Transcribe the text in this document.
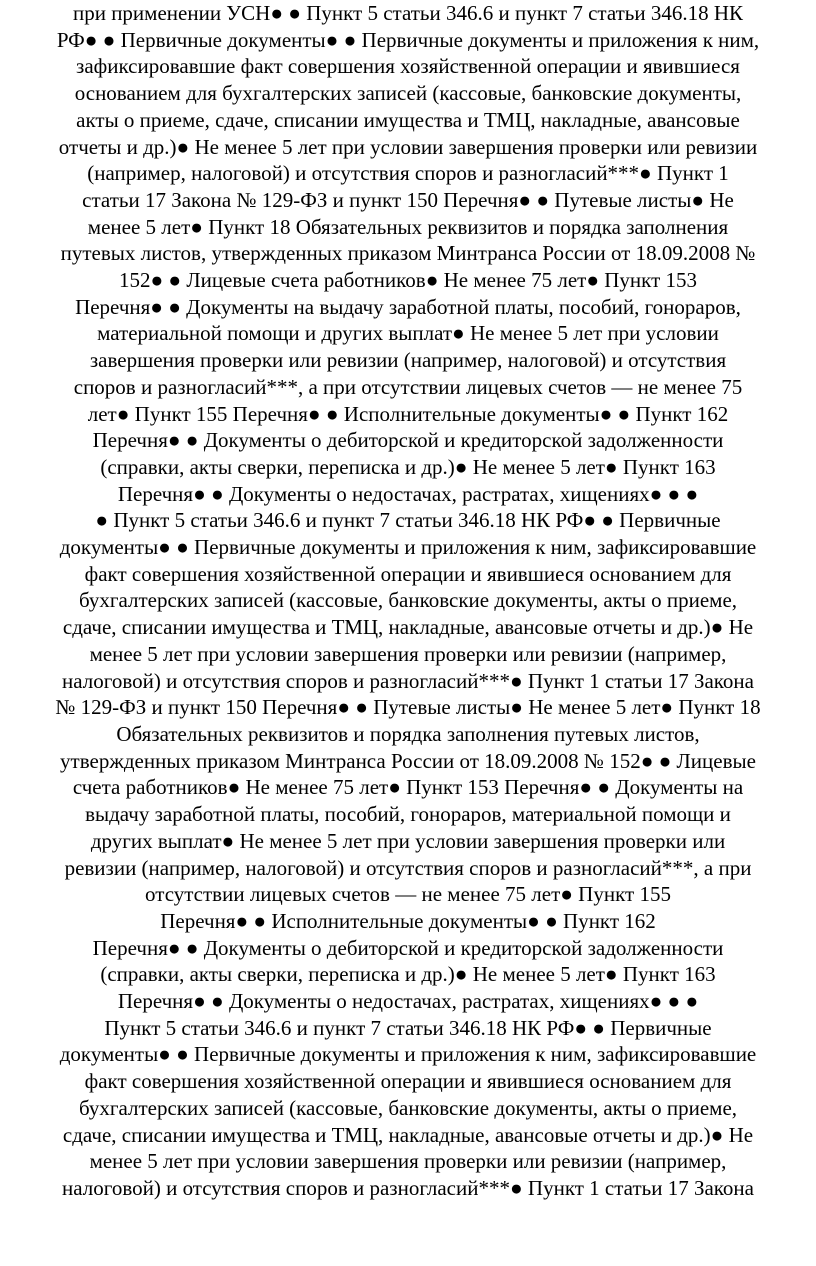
при применении УСН● ● Пункт 5 статьи 346.6 и пункт 7 статьи 346.18 НК
РФ● ● Первичные документы● ● Первичные документы и приложения к ним,
зафиксировавшие факт совершения хозяйственной операции и явившиеся
основанием для бухгалтерских записей (кассовые, банковские документы,
акты о приеме, сдаче, списании имущества и ТМЦ, накладные, авансовые
отчеты и др.)● Не менее 5 лет при условии завершения проверки или ревизии
(например, налоговой) и отсутствия споров и разногласий***● Пункт 1
статьи 17 Закона № 129-ФЗ и пункт 150 Перечня● ● Путевые листы● Не
менее 5 лет● Пункт 18 Обязательных реквизитов и порядка заполнения
путевых листов, утвержденных приказом Минтранса России от 18.09.2008 №
152● ● Лицевые счета работников● Не менее 75 лет● Пункт 153
Перечня● ● Документы на выдачу заработной платы, пособий, гонораров,
материальной помощи и других выплат● Не менее 5 лет при условии
завершения проверки или ревизии (например, налоговой) и отсутствия
споров и разногласий***, а при отсутствии лицевых счетов — не менее 75
лет● Пункт 155 Перечня● ● Исполнительные документы● ● Пункт 162
Перечня● ● Документы о дебиторской и кредиторской задолженности
(справки, акты сверки, переписка и др.)● Не менее 5 лет● Пункт 163
Перечня● ● Документы о недостачах, растратах, хищениях● ● ●
● Пункт 5 статьи 346.6 и пункт 7 статьи 346.18 НК РФ● ● Первичные
документы● ● Первичные документы и приложения к ним, зафиксировавшие
факт совершения хозяйственной операции и явившиеся основанием для
бухгалтерских записей (кассовые, банковские документы, акты о приеме,
сдаче, списании имущества и ТМЦ, накладные, авансовые отчеты и др.)● Не
менее 5 лет при условии завершения проверки или ревизии (например,
налоговой) и отсутствия споров и разногласий***● Пункт 1 статьи 17 Закона
№ 129-ФЗ и пункт 150 Перечня● ● Путевые листы● Не менее 5 лет● Пункт 18
Обязательных реквизитов и порядка заполнения путевых листов,
утвержденных приказом Минтранса России от 18.09.2008 № 152● ● Лицевые
счета работников● Не менее 75 лет● Пункт 153 Перечня● ● Документы на
выдачу заработной платы, пособий, гонораров, материальной помощи и
других выплат● Не менее 5 лет при условии завершения проверки или
ревизии (например, налоговой) и отсутствия споров и разногласий***, а при
отсутствии лицевых счетов — не менее 75 лет● Пункт 155
Перечня● ● Исполнительные документы● ● Пункт 162
Перечня● ● Документы о дебиторской и кредиторской задолженности
(справки, акты сверки, переписка и др.)● Не менее 5 лет● Пункт 163
Перечня● ● Документы о недостачах, растратах, хищениях● ● ●
Пункт 5 статьи 346.6 и пункт 7 статьи 346.18 НК РФ● ● Первичные
документы● ● Первичные документы и приложения к ним, зафиксировавшие
факт совершения хозяйственной операции и явившиеся основанием для
бухгалтерских записей (кассовые, банковские документы, акты о приеме,
сдаче, списании имущества и ТМЦ, накладные, авансовые отчеты и др.)● Не
менее 5 лет при условии завершения проверки или ревизии (например,
налоговой) и отсутствия споров и разногласий***● Пункт 1 статьи 17 Закона
